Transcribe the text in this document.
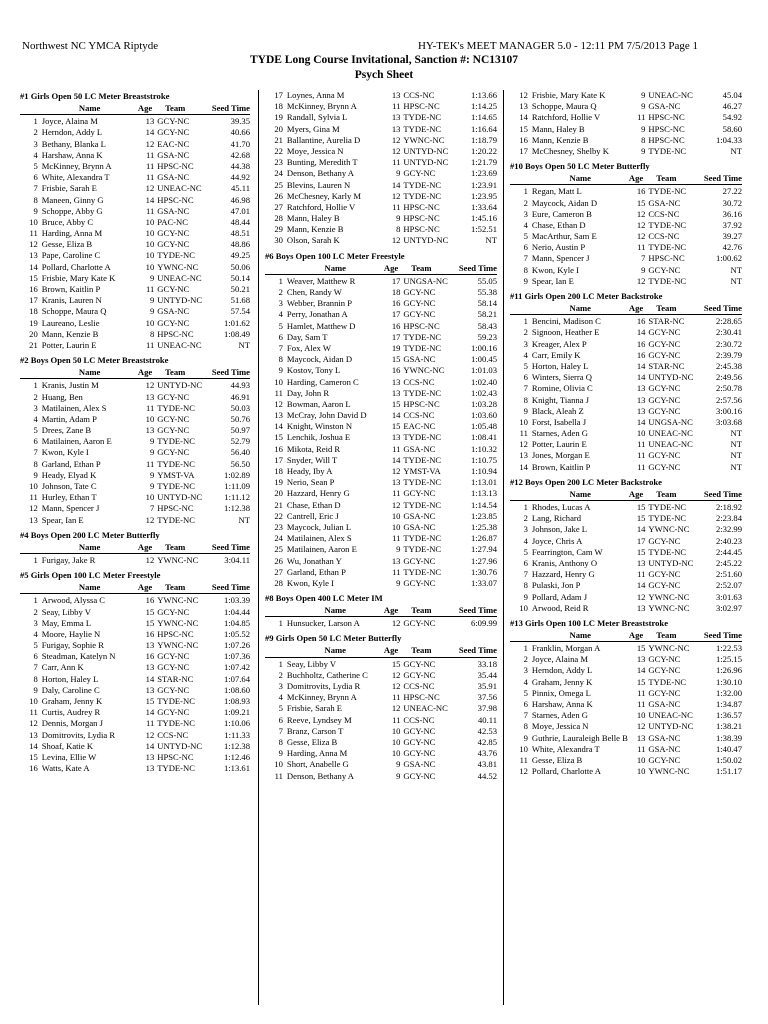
Northwest NC YMCA Riptyde	HY-TEK's MEET MANAGER 5.0 - 12:11 PM 7/5/2013 Page 1
TYDE Long Course Invitational, Sanction #: NC13107
Psych Sheet
#1 Girls Open 50 LC Meter Breaststroke
Name	Age	Team	Seed Time
1 Joyce, Alaina M	13 GCY-NC	39.35
2 Herndon, Addy L	14 GCY-NC	40.66
3 Bethany, Blanka L	12 EAC-NC	41.70
4 Harshaw, Anna K	11 GSA-NC	42.68
5 McKinney, Brynn A	11 HPSC-NC	44.38
6 White, Alexandra T	11 GSA-NC	44.92
7 Frisbie, Sarah E	12 UNEAC-NC	45.11
8 Maneen, Ginny G	14 HPSC-NC	46.98
9 Schoppe, Abby G	11 GSA-NC	47.01
10 Bruce, Abby C	10 PAC-NC	48.44
11 Harding, Anna M	10 GCY-NC	48.51
12 Gesse, Eliza B	10 GCY-NC	48.86
13 Pape, Caroline C	10 TYDE-NC	49.25
14 Pollard, Charlotte A	10 YWNC-NC	50.06
15 Frisbie, Mary Kate K	9 UNEAC-NC	50.14
16 Brown, Kaitlin P	11 GCY-NC	50.21
17 Kranis, Lauren N	9 UNTYD-NC	51.68
18 Schoppe, Maura Q	9 GSA-NC	57.54
19 Laureano, Leslie	10 GCY-NC	1:01.62
20 Mann, Kenzie B	8 HPSC-NC	1:08.49
21 Potter, Laurin E	11 UNEAC-NC	NT
#2 Boys Open 50 LC Meter Breaststroke
Name	Age	Team	Seed Time
1 Kranis, Justin M	12 UNTYD-NC	44.93
2 Huang, Ben	13 GCY-NC	46.91
3 Matilainen, Alex S	11 TYDE-NC	50.03
4 Martin, Adam P	10 GCY-NC	50.76
5 Drees, Zane B	13 GCY-NC	50.97
6 Matilainen, Aaron E	9 TYDE-NC	52.79
7 Kwon, Kyle I	9 GCY-NC	56.40
8 Garland, Ethan P	11 TYDE-NC	56.50
9 Heady, Elyad K	9 YMST-VA	1:02.89
10 Johnson, Tate C	9 TYDE-NC	1:11.09
11 Hurley, Ethan T	10 UNTYD-NC	1:11.12
12 Mann, Spencer J	7 HPSC-NC	1:12.38
13 Spear, Ian E	12 TYDE-NC	NT
#4 Boys Open 200 LC Meter Butterfly
Name	Age	Team	Seed Time
1 Furigay, Jake R	12 YWNC-NC	3:04.11
#5 Girls Open 100 LC Meter Freestyle
Name	Age	Team	Seed Time
1 Arwood, Alyssa C	16 YWNC-NC	1:03.39
2 Seay, Libby V	15 GCY-NC	1:04.44
3 May, Emma L	15 YWNC-NC	1:04.85
4 Moore, Haylie N	16 HPSC-NC	1:05.52
5 Furigay, Sophie R	13 YWNC-NC	1:07.26
6 Steadman, Katelyn N	16 GCY-NC	1:07.36
7 Carr, Ann K	13 GCY-NC	1:07.42
8 Horton, Haley L	14 STAR-NC	1:07.64
9 Daly, Caroline C	13 GCY-NC	1:08.60
10 Graham, Jenny K	15 TYDE-NC	1:08.93
11 Curtis, Audrey R	14 GCY-NC	1:09.21
12 Dennis, Morgan J	11 TYDE-NC	1:10.06
13 Domitrovits, Lydia R	12 CCS-NC	1:11.33
14 Shoaf, Katie K	14 UNTYD-NC	1:12.38
15 Levina, Ellie W	13 HPSC-NC	1:12.46
16 Watts, Kate A	13 TYDE-NC	1:13.61
17 Loynes, Anna M	13 CCS-NC	1:13.66
18 McKinney, Brynn A	11 HPSC-NC	1:14.25
19 Randall, Sylvia L	13 TYDE-NC	1:14.65
20 Myers, Gina M	13 TYDE-NC	1:16.64
21 Ballantine, Aurelia D	12 YWNC-NC	1:18.79
22 Moye, Jessica N	12 UNTYD-NC	1:20.22
23 Bunting, Meredith T	11 UNTYD-NC	1:21.79
24 Denson, Bethany A	9 GCY-NC	1:23.69
25 Blevins, Lauren N	14 TYDE-NC	1:23.91
26 McChesney, Karly M	12 TYDE-NC	1:23.95
27 Ratchford, Hollie V	11 HPSC-NC	1:33.64
28 Mann, Haley B	9 HPSC-NC	1:45.16
29 Mann, Kenzie B	8 HPSC-NC	1:52.51
30 Olson, Sarah K	12 UNTYD-NC	NT
#6 Boys Open 100 LC Meter Freestyle
Name	Age	Team	Seed Time
1 Weaver, Matthew R	17 UNGSA-NC	55.05
2 Chen, Randy W	18 GCY-NC	55.38
3 Webber, Brannin P	16 GCY-NC	58.14
4 Perry, Jonathan A	17 GCY-NC	58.21
5 Hamlet, Matthew D	16 HPSC-NC	58.43
6 Day, Sam T	17 TYDE-NC	59.23
7 Fox, Alex W	19 TYDE-NC	1:00.16
8 Maycock, Aidan D	15 GSA-NC	1:00.45
9 Kostov, Tony L	16 YWNC-NC	1:01.03
10 Harding, Cameron C	13 CCS-NC	1:02.40
11 Day, John R	13 TYDE-NC	1:02.43
12 Bowman, Aaron L	15 HPSC-NC	1:03.28
13 McCray, John David D	14 CCS-NC	1:03.60
14 Knight, Winston N	15 EAC-NC	1:05.48
15 Lenchik, Joshua E	13 TYDE-NC	1:08.41
16 Mikota, Reid R	11 GSA-NC	1:10.32
17 Snyder, Will T	14 TYDE-NC	1:10.75
18 Heady, Iby A	12 YMST-VA	1:10.94
19 Nerio, Sean P	13 TYDE-NC	1:13.01
20 Hazzard, Henry G	11 GCY-NC	1:13.13
21 Chase, Ethan D	12 TYDE-NC	1:14.54
22 Cantrell, Eric J	10 GSA-NC	1:23.85
23 Maycock, Julian L	10 GSA-NC	1:25.38
24 Matilainen, Alex S	11 TYDE-NC	1:26.87
25 Matilainen, Aaron E	9 TYDE-NC	1:27.94
26 Wu, Jonathan Y	13 GCY-NC	1:27.96
27 Garland, Ethan P	11 TYDE-NC	1:30.76
28 Kwon, Kyle I	9 GCY-NC	1:33.07
#8 Boys Open 400 LC Meter IM
Name	Age	Team	Seed Time
1 Hunsucker, Larson A	12 GCY-NC	6:09.99
#9 Girls Open 50 LC Meter Butterfly
Name	Age	Team	Seed Time
1 Seay, Libby V	15 GCY-NC	33.18
2 Buchholtz, Catherine C	12 GCY-NC	35.44
3 Domitrovits, Lydia R	12 CCS-NC	35.91
4 McKinney, Brynn A	11 HPSC-NC	37.56
5 Frisbie, Sarah E	12 UNEAC-NC	37.98
6 Reeve, Lyndsey M	11 CCS-NC	40.11
7 Branz, Carson T	10 GCY-NC	42.53
8 Gesse, Eliza B	10 GCY-NC	42.85
9 Harding, Anna M	10 GCY-NC	43.76
10 Short, Anabelle G	9 GSA-NC	43.81
11 Denson, Bethany A	9 GCY-NC	44.52
12 Frisbie, Mary Kate K	9 UNEAC-NC	45.04
13 Schoppe, Maura Q	9 GSA-NC	46.27
14 Ratchford, Hollie V	11 HPSC-NC	54.92
15 Mann, Haley B	9 HPSC-NC	58.60
16 Mann, Kenzie B	8 HPSC-NC	1:04.33
17 McChesney, Shelby K	9 TYDE-NC	NT
#10 Boys Open 50 LC Meter Butterfly
Name	Age	Team	Seed Time
1 Regan, Matt L	16 TYDE-NC	27.22
2 Maycock, Aidan D	15 GSA-NC	30.72
3 Eure, Cameron B	12 CCS-NC	36.16
4 Chase, Ethan D	12 TYDE-NC	37.92
5 MacArthur, Sam E	12 CCS-NC	39.27
6 Nerio, Austin P	11 TYDE-NC	42.76
7 Mann, Spencer J	7 HPSC-NC	1:00.62
8 Kwon, Kyle I	9 GCY-NC	NT
9 Spear, Ian E	12 TYDE-NC	NT
#11 Girls Open 200 LC Meter Backstroke
Name	Age	Team	Seed Time
1 Bencini, Madison C	16 STAR-NC	2:28.65
2 Signoon, Heather E	14 GCY-NC	2:30.41
3 Kreager, Alex P	16 GCY-NC	2:30.72
4 Carr, Emily K	16 GCY-NC	2:39.79
5 Horton, Haley L	14 STAR-NC	2:45.38
6 Winters, Sierra Q	14 UNTYD-NC	2:49.56
7 Romine, Olivia C	13 GCY-NC	2:50.78
8 Knight, Tianna J	13 GCY-NC	2:57.56
9 Black, Aleah Z	13 GCY-NC	3:00.16
10 Forst, Isabella J	14 UNGSA-NC	3:03.68
11 Starnes, Aden G	10 UNEAC-NC	NT
12 Potter, Laurin E	11 UNEAC-NC	NT
13 Jones, Morgan E	11 GCY-NC	NT
14 Brown, Kaitlin P	11 GCY-NC	NT
#12 Boys Open 200 LC Meter Backstroke
Name	Age	Team	Seed Time
1 Rhodes, Lucas A	15 TYDE-NC	2:18.92
2 Lang, Richard	15 TYDE-NC	2:23.84
3 Johnson, Jake L	14 YWNC-NC	2:32.99
4 Joyce, Chris A	17 GCY-NC	2:40.23
5 Fearrington, Cam W	15 TYDE-NC	2:44.45
6 Kranis, Anthony O	13 UNTYD-NC	2:45.22
7 Hazzard, Henry G	11 GCY-NC	2:51.60
8 Pulaski, Jon P	14 GCY-NC	2:52.07
9 Pollard, Adam J	12 YWNC-NC	3:01.63
10 Arwood, Reid R	13 YWNC-NC	3:02.97
#13 Girls Open 100 LC Meter Breaststroke
Name	Age	Team	Seed Time
1 Franklin, Morgan A	15 YWNC-NC	1:22.53
2 Joyce, Alaina M	13 GCY-NC	1:25.15
3 Herndon, Addy L	14 GCY-NC	1:26.96
4 Graham, Jenny K	15 TYDE-NC	1:30.10
5 Pinnix, Omega L	11 GCY-NC	1:32.00
6 Harshaw, Anna K	11 GSA-NC	1:34.87
7 Starnes, Aden G	10 UNEAC-NC	1:36.57
8 Moye, Jessica N	12 UNTYD-NC	1:38.21
9 Guthrie, Lauraleigh Belle B	13 GSA-NC	1:38.39
10 White, Alexandra T	11 GSA-NC	1:40.47
11 Gesse, Eliza B	10 GCY-NC	1:50.02
12 Pollard, Charlotte A	10 YWNC-NC	1:51.17
